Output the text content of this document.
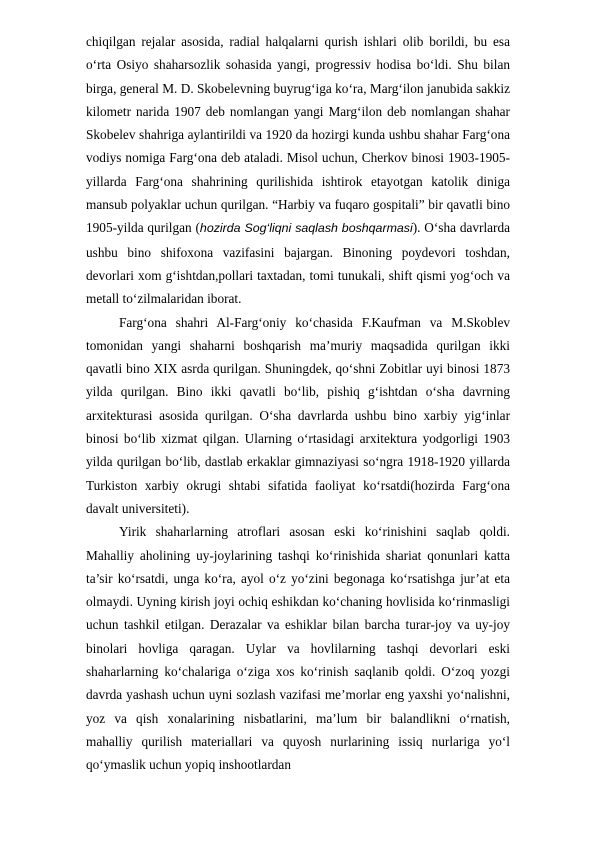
chiqilgan rejalar asosida, radial halqalarni qurish ishlari olib borildi, bu esa o‘rta Osiyo shaharsozlik sohasida yangi, progressiv hodisa bo‘ldi. Shu bilan birga, general M. D. Skobelevning buyrug‘iga ko‘ra, Marg‘ilon janubida sakkiz kilometr narida 1907 deb nomlangan yangi Marg‘ilon deb nomlangan shahar Skobelev shahriga aylantirildi va 1920 da hozirgi kunda ushbu shahar Farg‘ona vodiys nomiga Farg‘ona deb ataladi. Misol uchun, Cherkov binosi 1903-1905-yillarda Farg‘ona shahrining qurilishida ishtirok etayotgan katolik diniga mansub polyaklar uchun qurilgan. “Harbiy va fuqaro gospitali” bir qavatli bino 1905-yilda qurilgan (hozirda Sog‘liqni saqlash boshqarmasi). O‘sha davrlarda ushbu bino shifoxona vazifasini bajargan. Binoning poydevori toshdan, devorlari xom g‘ishtdan,pollari taxtadan, tomi tunukali, shift qismi yog‘och va metall to‘zilmalaridan iborat.

Farg‘ona shahri Al-Farg‘oniy ko‘chasida F.Kaufman va M.Skoblev tomonidan yangi shaharni boshqarish ma’muriy maqsadida qurilgan ikki qavatli bino XIX asrda qurilgan. Shuningdek, qo‘shni Zobitlar uyi binosi 1873 yilda qurilgan. Bino ikki qavatli bo‘lib, pishiq g‘ishtdan o‘sha davrning arxitekturasi asosida qurilgan. O‘sha davrlarda ushbu bino xarbiy yig‘inlar binosi bo‘lib xizmat qilgan. Ularning o‘rtasidagi arxitektura yodgorligi 1903 yilda qurilgan bo‘lib, dastlab erkaklar gimnaziyasi so‘ngra 1918-1920 yillarda Turkiston xarbiy okrugi shtabi sifatida faoliyat ko‘rsatdi(hozirda Farg‘ona davalt universiteti).

Yirik shaharlarning atroflari asosan eski ko‘rinishini saqlab qoldi. Mahalliy aholining uy-joylarining tashqi ko‘rinishida shariat qonunlari katta ta’sir ko‘rsatdi, unga ko‘ra, ayol o‘z yo‘zini begonaga ko‘rsatishga jur’at eta olmaydi. Uyning kirish joyi ochiq eshikdan ko‘chaning hovlisida ko‘rinmasligi uchun tashkil etilgan. Derazalar va eshiklar bilan barcha turar-joy va uy-joy binolari hovliga qaragan. Uylar va hovlilarning tashqi devorlari eski shaharlarning ko‘chalariga o‘ziga xos ko‘rinish saqlanib qoldi. O‘zoq yozgi davrda yashash uchun uyni sozlash vazifasi me’morlar eng yaxshi yo‘nalishni, yoz va qish xonalarining nisbatlarini, ma’lum bir balandlikni o‘rnatish, mahalliy qurilish materiallari va quyosh nurlarining issiq nurlariga yo‘l qo‘ymaslik uchun yopiq inshootlardan
